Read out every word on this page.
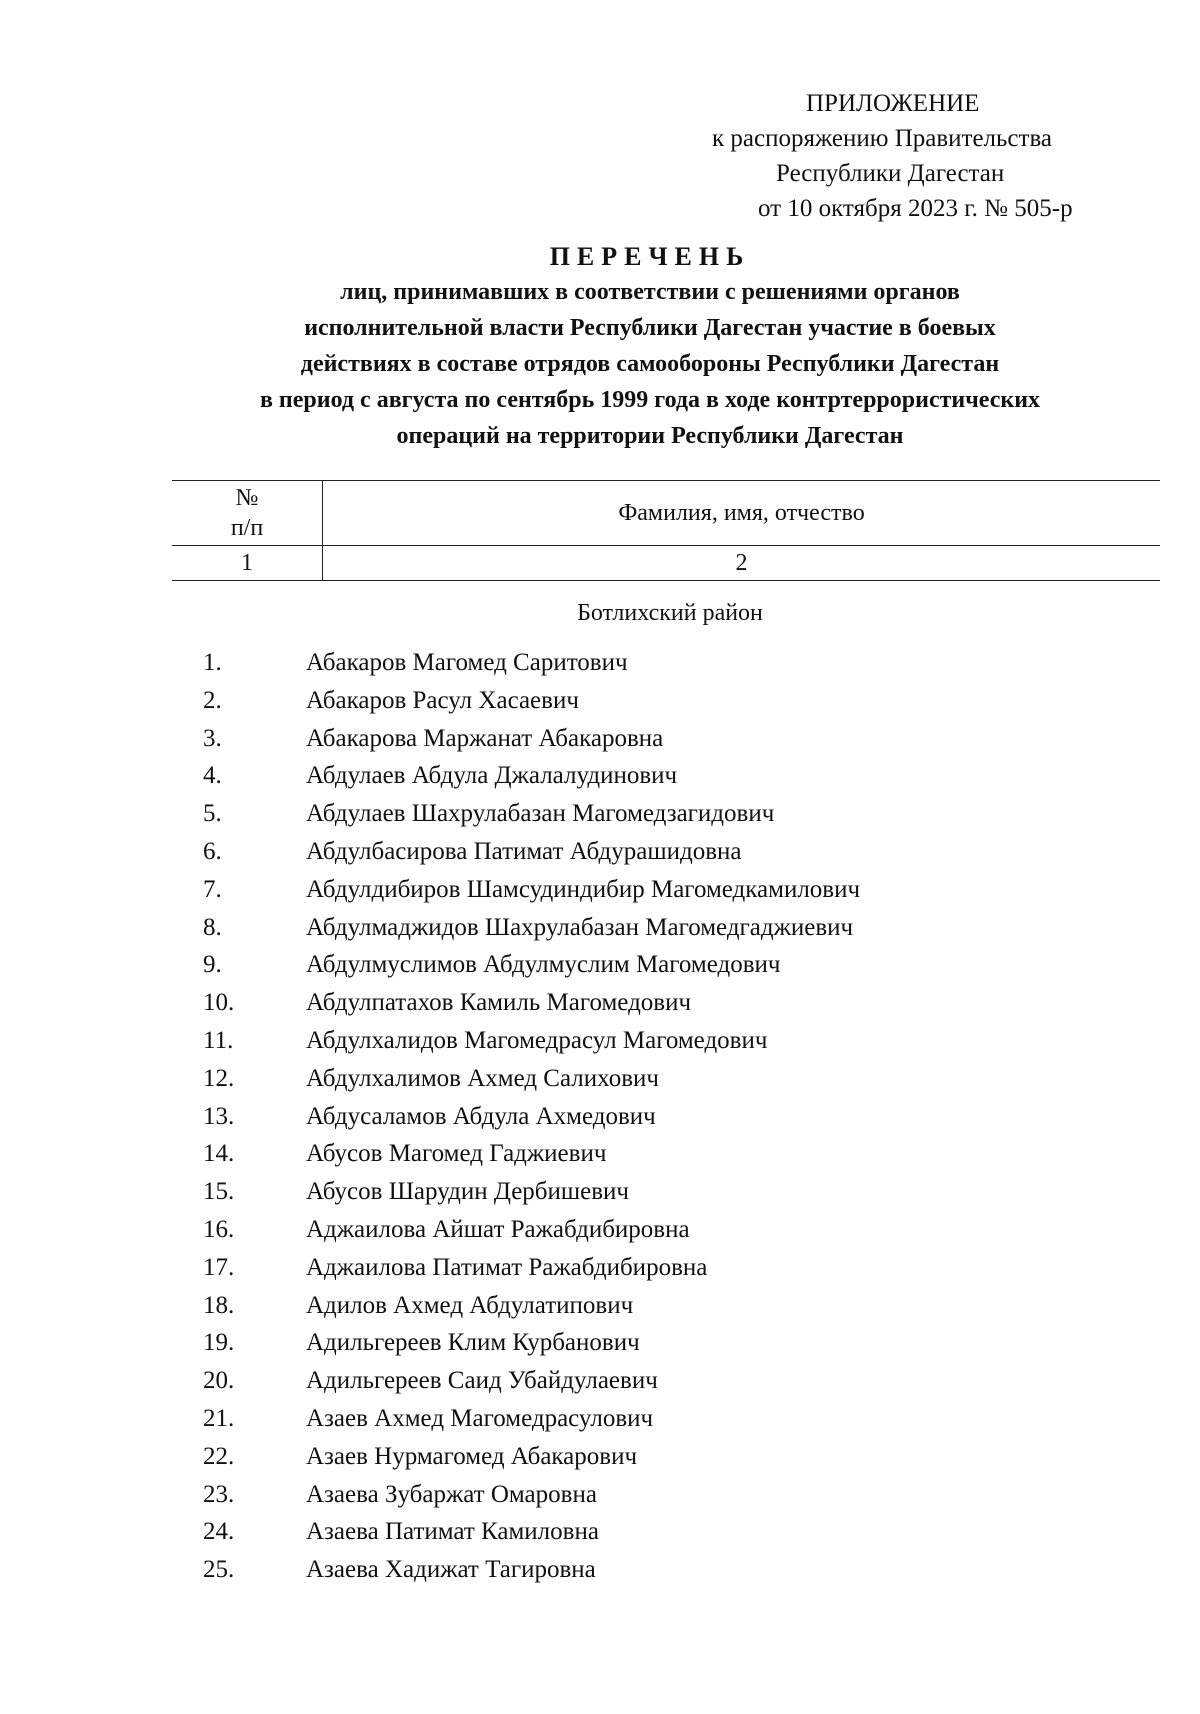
ПРИЛОЖЕНИЕ
к распоряжению Правительства
Республики Дагестан
от 10 октября 2023 г. № 505-р
ПЕРЕЧЕНЬ
лиц, принимавших в соответствии с решениями органов
исполнительной власти Республики Дагестан участие в боевых
действиях в составе отрядов самообороны Республики Дагестан
в период с августа по сентябрь 1999 года в ходе контртеррористических
операций на территории Республики Дагестан
№
п/п	Фамилия, имя, отчество
1	2
Ботлихский район
1.	Абакаров Магомед Саритович
2.	Абакаров Расул Хасаевич
3.	Абакарова Маржанат Абакаровна
4.	Абдулаев Абдула Джалалудинович
5.	Абдулаев Шахрулабазан Магомедзагидович
6.	Абдулбасирова Патимат Абдурашидовна
7.	Абдулдибиров Шамсудиндибир Магомедкамилович
8.	Абдулмаджидов Шахрулабазан Магомедгаджиевич
9.	Абдулмуслимов Абдулмуслим Магомедович
10.	Абдулпатахов Камиль Магомедович
11.	Абдулхалидов Магомедрасул Магомедович
12.	Абдулхалимов Ахмед Салихович
13.	Абдусаламов Абдула Ахмедович
14.	Абусов Магомед Гаджиевич
15.	Абусов Шарудин Дербишевич
16.	Аджаилова Айшат Ражабдибировна
17.	Аджаилова Патимат Ражабдибировна
18.	Адилов Ахмед Абдулатипович
19.	Адильгереев Клим Курбанович
20.	Адильгереев Саид Убайдулаевич
21.	Азаев Ахмед Магомедрасулович
22.	Азаев Нурмагомед Абакарович
23.	Азаева Зубаржат Омаровна
24.	Азаева Патимат Камиловна
25.	Азаева Хадижат Тагировна
